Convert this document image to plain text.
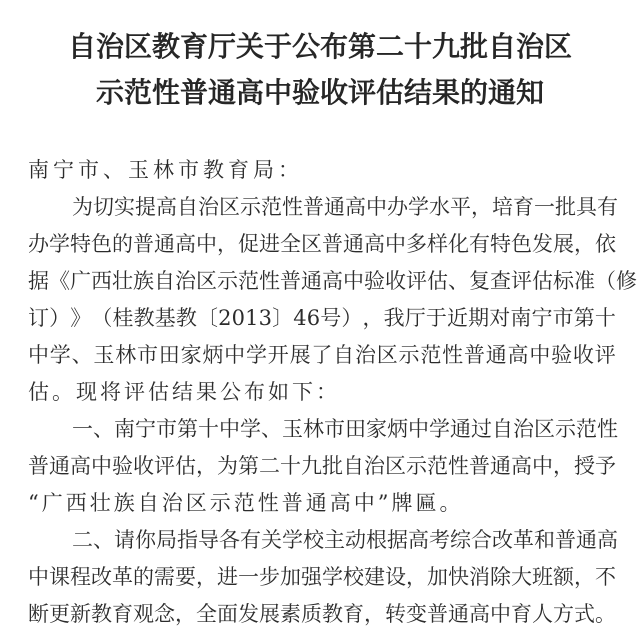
自治区教育厅关于公布第二十九批自治区
示范性普通高中验收评估结果的通知
南宁市、玉林市教育局：
为 切 实 提 高 自 治 区 示 范 性 普 通 高 中 办 学 水 平 ， 培 育 一 批 具 有
办 学 特 色 的 普 通 高 中 ， 促 进 全 区 普 通 高 中 多 样 化 有 特 色 发 展 ， 依
据 《 广 西 壮 族 自 治 区 示 范 性 普 通 高 中 验 收 评 估 、 复 查 评 估 标 准 （ 修
订 ） 》 （ 桂 教 基 教 〔 2 0 1 3 〕 4 6 号 ） ， 我 厅 于 近 期 对 南 宁 市 第 十
中 学 、 玉 林 市 田 家 炳 中 学 开 展 了 自 治 区 示 范 性 普 通 高 中 验 收 评
估。现将评估结果公布如下：
一 、 南 宁 市 第 十 中 学 、 玉 林 市 田 家 炳 中 学 通 过 自 治 区 示 范 性
普 通 高 中 验 收 评 估 ， 为 第 二 十 九 批 自 治 区 示 范 性 普 通 高 中 ， 授 予
“广西壮族自治区示范性普通高中”牌匾。
二 、 请 你 局 指 导 各 有 关 学 校 主 动 根 据 高 考 综 合 改 革 和 普 通 高
中 课 程 改 革 的 需 要 ， 进 一 步 加 强 学 校 建 设 ， 加 快 消 除 大 班 额 ， 不
断 更 新 教 育 观 念 ， 全 面 发 展 素 质 教 育 ， 转 变 普 通 高 中 育 人 方 式 。
